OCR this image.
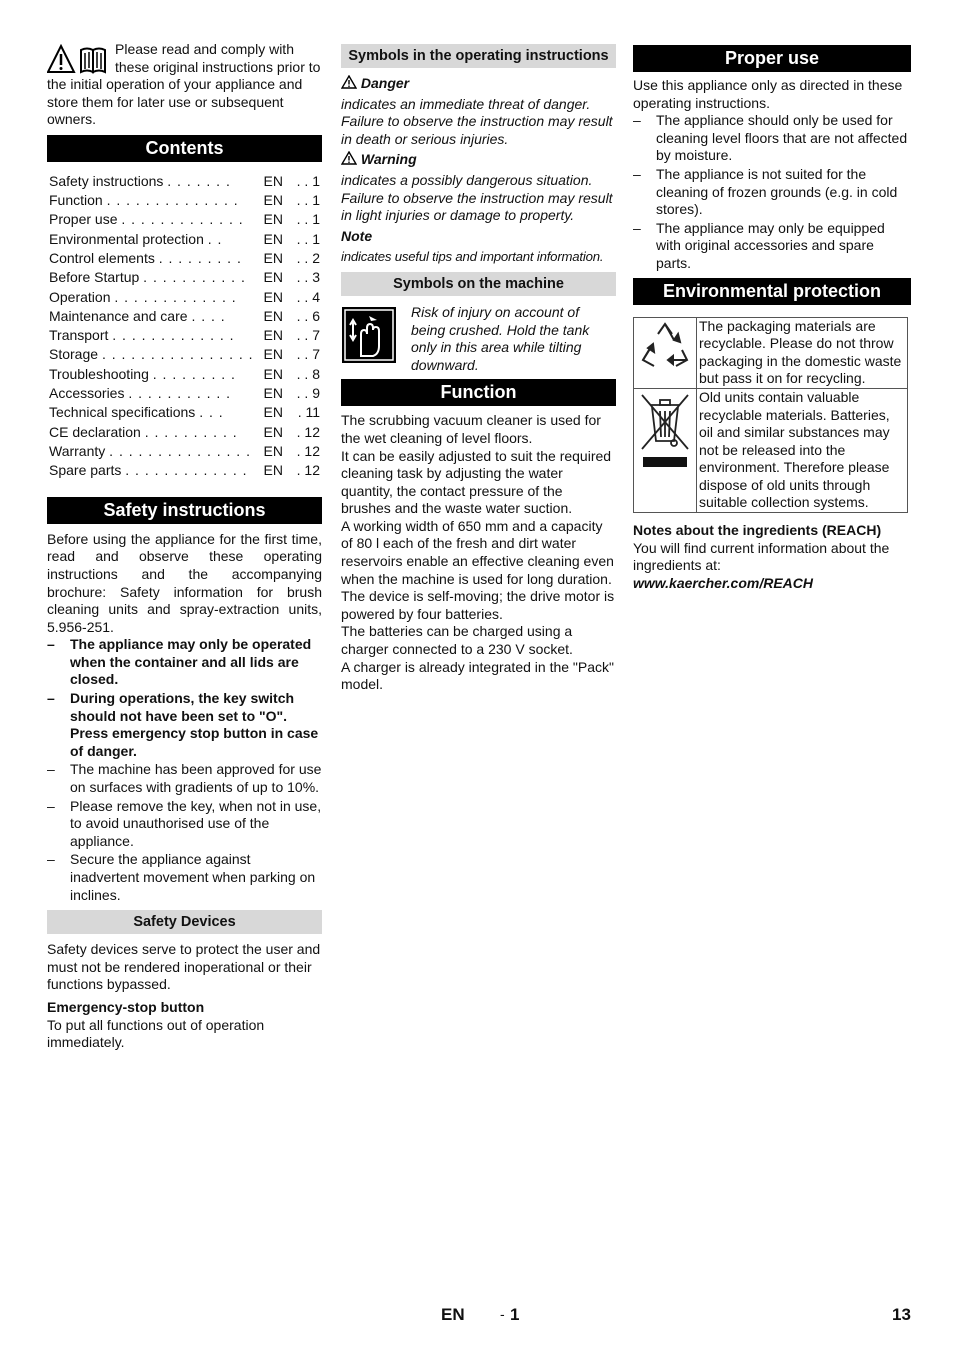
Please read and comply with these original instructions prior to the initial operation of your appliance and store them for later use or subsequent owners.

Contents
Safety instructions . . . . . . .	EN	. . 1
Function . . . . . . . . . . . . . .	EN	. . 1
Proper use . . . . . . . . . . . . .	EN	. . 1
Environmental protection . .	EN	. . 1
Control elements . . . . . . . . .	EN	. . 2
Before Startup . . . . . . . . . . .	EN	. . 3
Operation . . . . . . . . . . . . .	EN	. . 4
Maintenance and care . . . .	EN	. . 6
Transport . . . . . . . . . . . . .	EN	. . 7
Storage . . . . . . . . . . . . . . . .	EN	. . 7
Troubleshooting . . . . . . . . .	EN	. . 8
Accessories . . . . . . . . . . .	EN	. . 9
Technical specifications . . .	EN	. 11
CE declaration . . . . . . . . . .	EN	. 12
Warranty . . . . . . . . . . . . . . .	EN	. 12
Spare parts . . . . . . . . . . . . .	EN	. 12
Safety instructions

Before using the appliance for the first time, read and observe these operating instructions and the accompanying brochure: Safety information for brush cleaning units and spray-extraction units, 5.956-251.

– The appliance may only be operated when the container and all lids are closed.
– During operations, the key switch should not have been set to "O". Press emergency stop button in case of danger.
– The machine has been approved for use on surfaces with gradients of up to 10%.
– Please remove the key, when not in use, to avoid unauthorised use of the appliance.
– Secure the appliance against inadvertent movement when parking on inclines.
Safety Devices

Safety devices serve to protect the user and must not be rendered inoperational or their functions bypassed.

Emergency-stop button

To put all functions out of operation immediately.

Symbols in the operating instructions

Danger

indicates an immediate threat of danger. Failure to observe the instruction may result in death or serious injuries.

Warning

indicates a possibly dangerous situation. Failure to observe the instruction may result in light injuries or damage to property.

Note

indicates useful tips and important information.

Symbols on the machine

Risk of injury on account of being crushed. Hold the tank only in this area while tilting downward.

Function

The scrubbing vacuum cleaner is used for the wet cleaning of level floors.

It can be easily adjusted to suit the required cleaning task by adjusting the water quantity, the contact pressure of the brushes and the waste water suction.

A working width of 650 mm and a capacity of 80 l each of the fresh and dirt water reservoirs enable an effective cleaning even when the machine is used for long duration.

The device is self-moving; the drive motor is powered by four batteries.

The batteries can be charged using a charger connected to a 230 V socket.

A charger is already integrated in the "Pack" model.

Proper use

Use this appliance only as directed in these operating instructions.

– The appliance should only be used for cleaning level floors that are not affected by moisture.
– The appliance is not suited for the cleaning of frozen grounds (e.g. in cold stores).
– The appliance may only be equipped with original accessories and spare parts.
Environmental protection
	The packaging materials are recyclable. Please do not throw packaging in the domestic waste but pass it on for recycling.
	Old units contain valuable recyclable materials. Batteries, oil and similar substances may not be released into the environment. Therefore please dispose of old units through suitable collection systems.

Notes about the ingredients (REACH)

You will find current information about the ingredients at:

www.kaercher.com/REACH

EN	- 1	13
